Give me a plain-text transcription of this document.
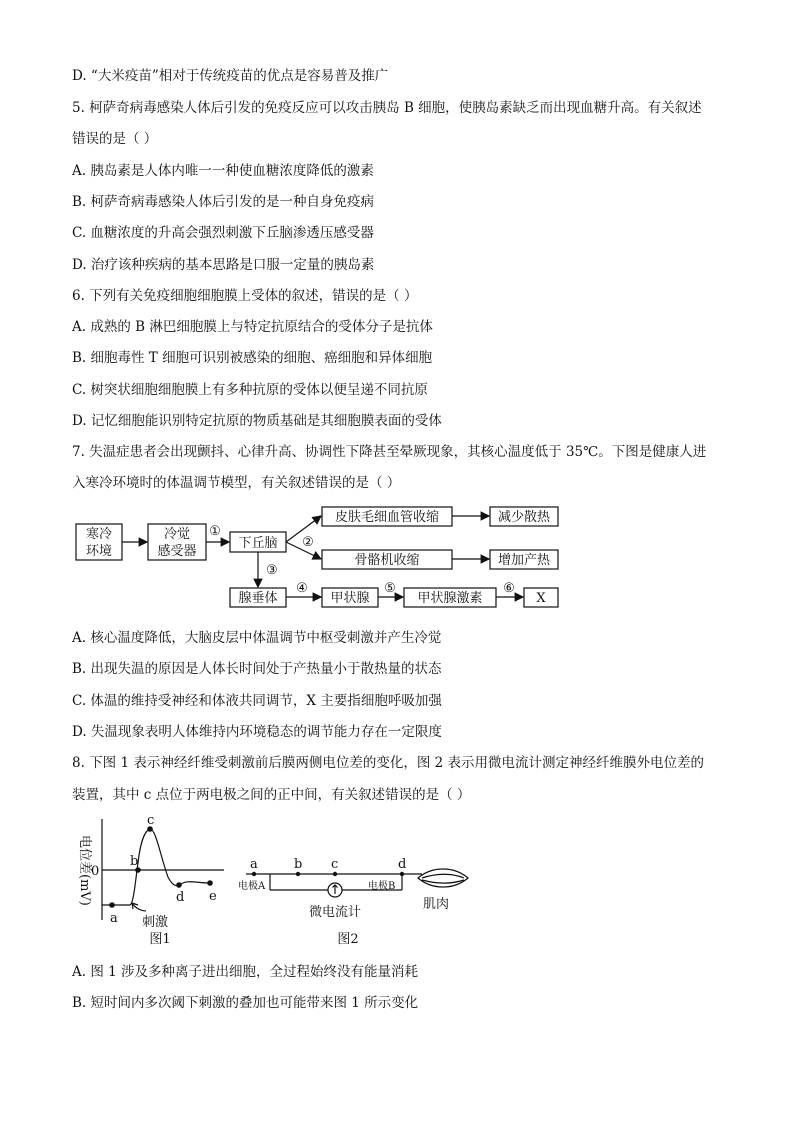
D. “大米疫苗”相对于传统疫苗的优点是容易普及推广
5. 柯萨奇病毒感染人体后引发的免疫反应可以攻击胰岛 B 细胞，使胰岛素缺乏而出现血糖升高。有关叙述
错误的是（ ）
A. 胰岛素是人体内唯一一种使血糖浓度降低的激素
B. 柯萨奇病毒感染人体后引发的是一种自身免疫病
C. 血糖浓度的升高会强烈刺激下丘脑渗透压感受器
D. 治疗该种疾病的基本思路是口服一定量的胰岛素
6. 下列有关免疫细胞细胞膜上受体的叙述，错误的是（ ）
A. 成熟的 B 淋巴细胞膜上与特定抗原结合的受体分子是抗体
B. 细胞毒性 T 细胞可识别被感染的细胞、癌细胞和异体细胞
C. 树突状细胞细胞膜上有多种抗原的受体以便呈递不同抗原
D. 记忆细胞能识别特定抗原的物质基础是其细胞膜表面的受体
7. 失温症患者会出现颤抖、心律升高、协调性下降甚至晕厥现象，其核心温度低于 35℃。下图是健康人进
入寒冷环境时的体温调节模型，有关叙述错误的是（ ）
寒冷
环境
冷觉
感受器
下丘脑
皮肤毛细血管收缩	减少散热
骨骼机收缩	增加产热
腺垂体	甲状腺	甲状腺激素	X
①
②
③
④	⑤	⑥
A. 核心温度降低，大脑皮层中体温调节中枢受刺激并产生冷觉
B. 出现失温的原因是人体长时间处于产热量小于散热量的状态
C. 体温的维持受神经和体液共同调节，X 主要指细胞呼吸加强
D. 失温现象表明人体维持内环境稳态的调节能力存在一定限度
8. 下图 1 表示神经纤维受刺激前后膜两侧电位差的变化，图 2 表示用微电流计测定神经纤维膜外电位差的
装置，其中 c 点位于两电极之间的正中间，有关叙述错误的是（ ）
电位差(mV) 0
a
b
c
d e
刺激
图1
a	b c	d
电极A	电极B
微电流计
肌肉
图2
A. 图 1 涉及多种离子进出细胞，全过程始终没有能量消耗
B. 短时间内多次阈下刺激的叠加也可能带来图 1 所示变化
